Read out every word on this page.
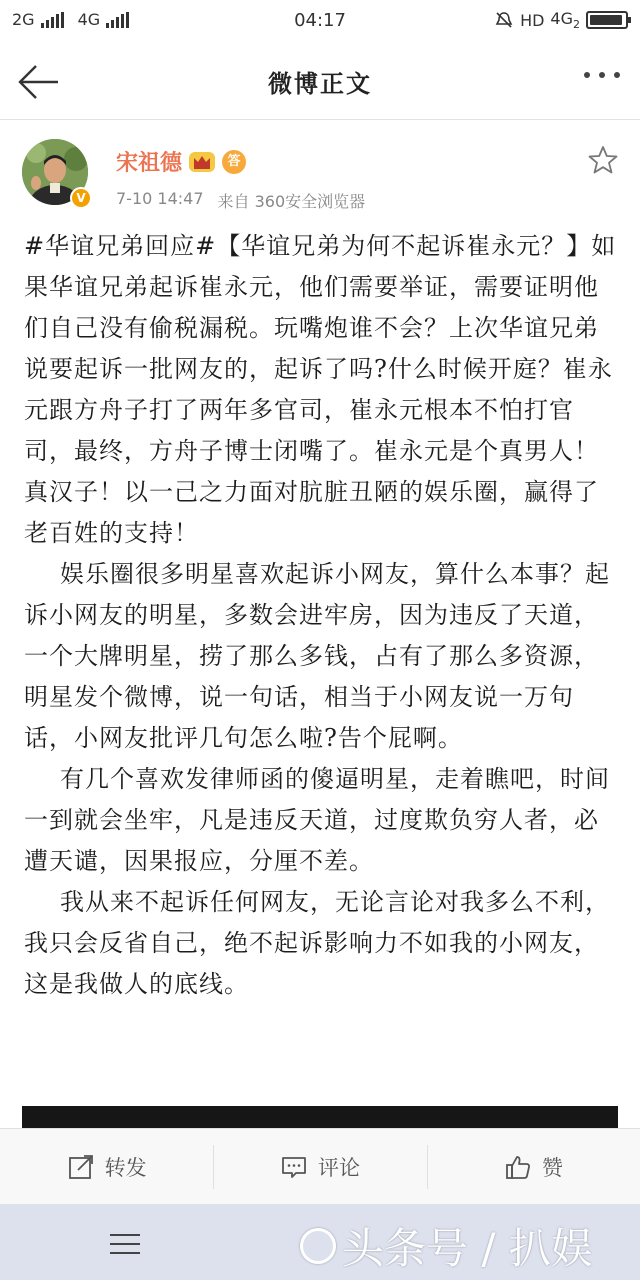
2G	4G	04:17	HD $4G_2$
微博正文
V
宋祖德	答
7-10 14:47 来自 360安全浏览器

#华谊兄弟回应#【华谊兄弟为何不起诉崔永元？】如果华谊兄弟起诉崔永元，他们需要举证，需要证明他们自己没有偷税漏税。玩嘴炮谁不会？上次华谊兄弟说要起诉一批网友的，起诉了吗?什么时候开庭？崔永元跟方舟子打了两年多官司，崔永元根本不怕打官司，最终，方舟子博士闭嘴了。崔永元是个真男人！真汉子！以一己之力面对肮脏丑陋的娱乐圈，赢得了老百姓的支持！

娱乐圈很多明星喜欢起诉小网友，算什么本事？起诉小网友的明星，多数会进牢房，因为违反了天道，一个大牌明星，捞了那么多钱，占有了那么多资源，明星发个微博，说一句话，相当于小网友说一万句话，小网友批评几句怎么啦?告个屁啊。

有几个喜欢发律师函的傻逼明星，走着瞧吧，时间一到就会坐牢，凡是违反天道，过度欺负穷人者，必遭天谴，因果报应，分厘不差。

我从来不起诉任何网友，无论言论对我多么不利，我只会反省自己，绝不起诉影响力不如我的小网友，这是我做人的底线。

转发	评论	赞
头条号 / 扒娱
